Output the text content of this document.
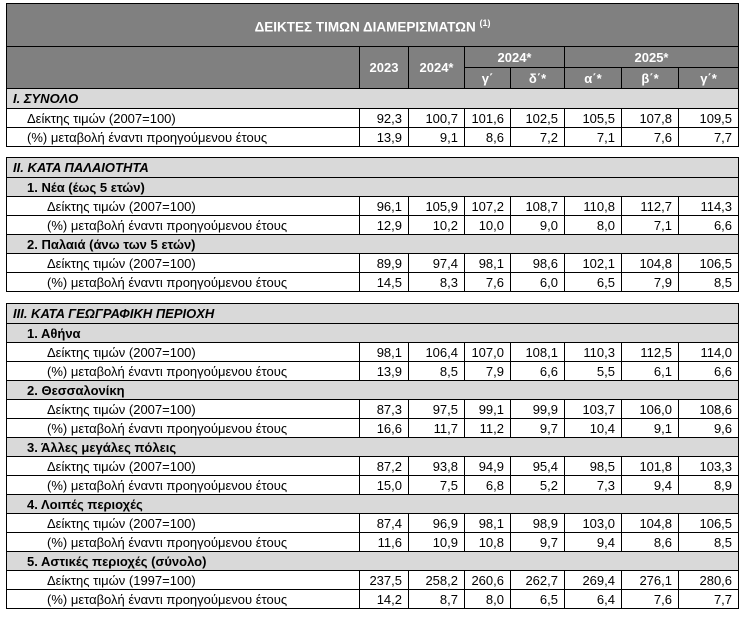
ΔΕΙΚΤΕΣ ΤΙΜΩΝ ΔΙΑΜΕΡΙΣΜΑΤΩΝ $^{(1)}$
	2023	2024*	2024*		2025*		
			γ΄	δ΄*	α΄*	β΄*	γ΄*
I. ΣΥΝΟΛΟ							
Δείκτης τιμών (2007=100)	92,3	100,7	101,6	102,5	105,5	107,8	109,5
(%) μεταβολή έναντι προηγούμενου έτους	13,9	9,1	8,6	7,2	7,1	7,6	7,7

II. ΚΑΤΑ ΠΑΛΑΙΟΤΗΤΑ							
1. Νέα (έως 5 ετών)							
Δείκτης τιμών (2007=100)	96,1	105,9	107,2	108,7	110,8	112,7	114,3
(%) μεταβολή έναντι προηγούμενου έτους	12,9	10,2	10,0	9,0	8,0	7,1	6,6
2. Παλαιά (άνω των 5 ετών)							
Δείκτης τιμών (2007=100)	89,9	97,4	98,1	98,6	102,1	104,8	106,5
(%) μεταβολή έναντι προηγούμενου έτους	14,5	8,3	7,6	6,0	6,5	7,9	8,5

III. ΚΑΤΑ ΓΕΩΓΡΑΦΙΚΗ ΠΕΡΙΟΧΗ							
1. Αθήνα							
Δείκτης τιμών (2007=100)	98,1	106,4	107,0	108,1	110,3	112,5	114,0
(%) μεταβολή έναντι προηγούμενου έτους	13,9	8,5	7,9	6,6	5,5	6,1	6,6
2. Θεσσαλονίκη							
Δείκτης τιμών (2007=100)	87,3	97,5	99,1	99,9	103,7	106,0	108,6
(%) μεταβολή έναντι προηγούμενου έτους	16,6	11,7	11,2	9,7	10,4	9,1	9,6
3. Άλλες μεγάλες πόλεις							
Δείκτης τιμών (2007=100)	87,2	93,8	94,9	95,4	98,5	101,8	103,3
(%) μεταβολή έναντι προηγούμενου έτους	15,0	7,5	6,8	5,2	7,3	9,4	8,9
4. Λοιπές περιοχές							
Δείκτης τιμών (2007=100)	87,4	96,9	98,1	98,9	103,0	104,8	106,5
(%) μεταβολή έναντι προηγούμενου έτους	11,6	10,9	10,8	9,7	9,4	8,6	8,5
5. Αστικές περιοχές (σύνολο)							
Δείκτης τιμών (1997=100)	237,5	258,2	260,6	262,7	269,4	276,1	280,6
(%) μεταβολή έναντι προηγούμενου έτους	14,2	8,7	8,0	6,5	6,4	7,6	7,7
